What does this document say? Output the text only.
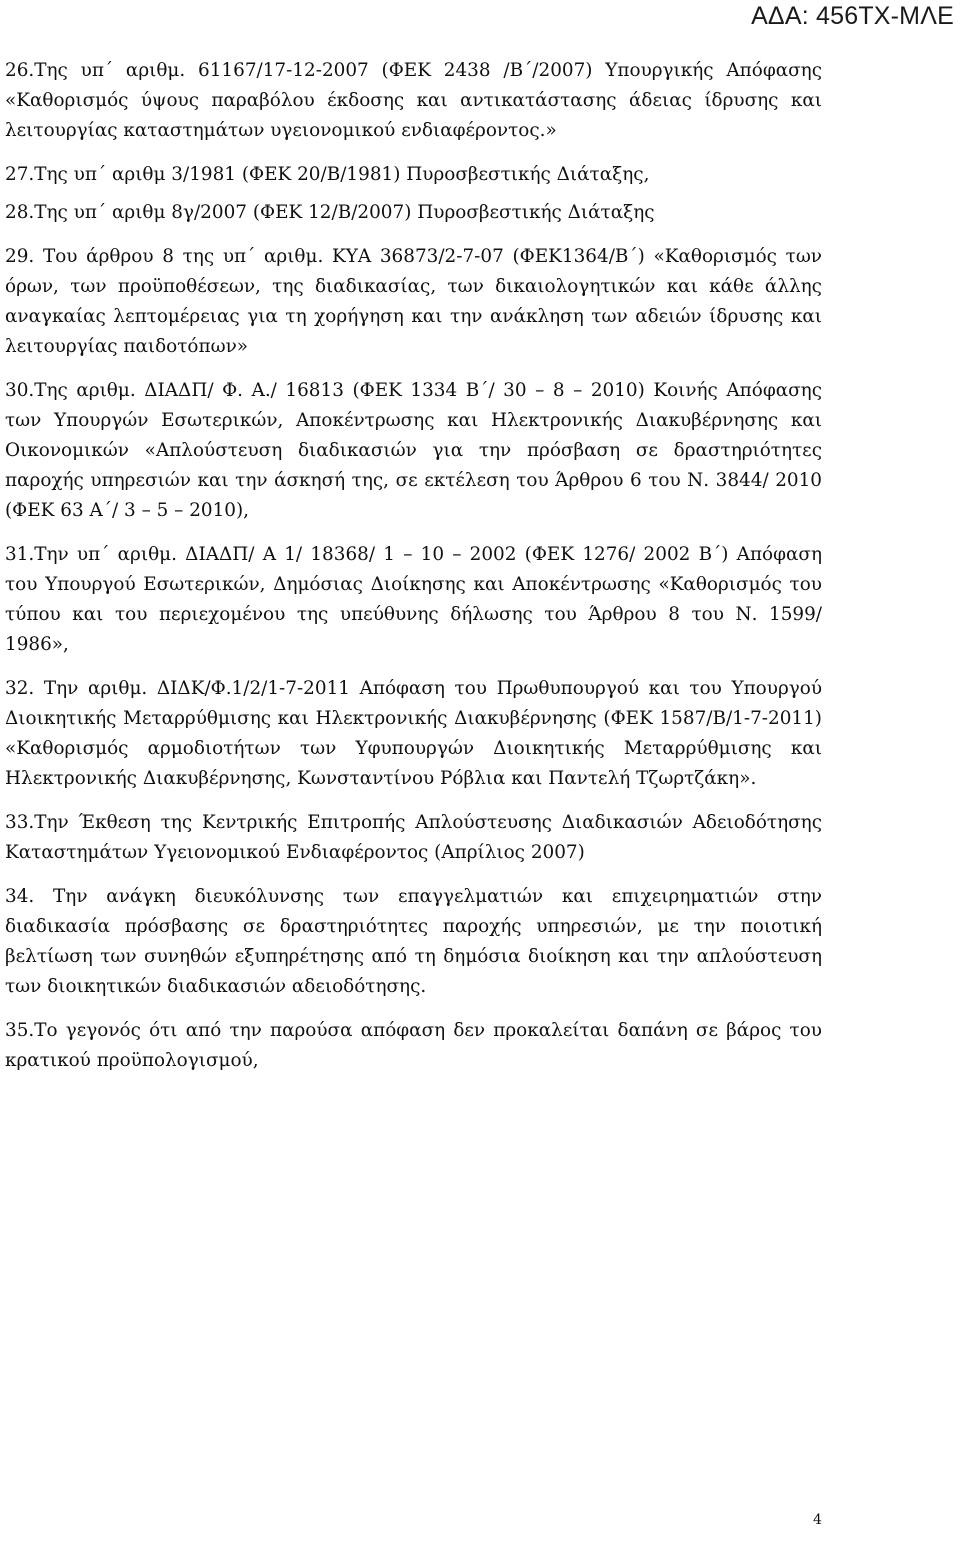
ΑΔΑ: 456ΤΧ-ΜΛΕ

26.Της υπ΄ αριθμ. 61167/17-12-2007 (ΦΕΚ 2438 /Β΄/2007) Υπουργικής Απόφασης «Καθορισμός ύψους παραβόλου έκδοσης και αντικατάστασης άδειας ίδρυσης και λειτουργίας καταστημάτων υγειονομικού ενδιαφέροντος.»

27.Της υπ΄ αριθμ 3/1981 (ΦΕΚ 20/Β/1981) Πυροσβεστικής Διάταξης,

28.Της υπ΄ αριθμ 8γ/2007 (ΦΕΚ 12/Β/2007) Πυροσβεστικής Διάταξης

29. Του άρθρου 8 της υπ΄ αριθμ. ΚΥΑ 36873/2-7-07 (ΦΕΚ1364/Β΄) «Καθορισμός των όρων, των προϋποθέσεων, της διαδικασίας, των δικαιολογητικών και κάθε άλλης αναγκαίας λεπτομέρειας για τη χορήγηση και την ανάκληση των αδειών ίδρυσης και λειτουργίας παιδοτόπων»

30.Της αριθμ. ΔΙΑΔΠ/ Φ. Α./ 16813 (ΦΕΚ 1334 Β΄/ 30 – 8 – 2010) Κοινής Απόφασης των Υπουργών Εσωτερικών, Αποκέντρωσης και Ηλεκτρονικής Διακυβέρνησης και Οικονομικών «Απλούστευση διαδικασιών για την πρόσβαση σε δραστηριότητες παροχής υπηρεσιών και την άσκησή της, σε εκτέλεση του Άρθρου 6 του Ν. 3844/ 2010 (ΦΕΚ 63 Α΄/ 3 – 5 – 2010),

31.Την υπ΄ αριθμ. ΔΙΑΔΠ/ Α 1/ 18368/ 1 – 10 – 2002 (ΦΕΚ 1276/ 2002 Β΄) Απόφαση του Υπουργού Εσωτερικών, Δημόσιας Διοίκησης και Αποκέντρωσης «Καθορισμός του τύπου και του περιεχομένου της υπεύθυνης δήλωσης του Άρθρου 8 του Ν. 1599/ 1986»,

32. Την αριθμ. ΔΙΔΚ/Φ.1/2/1-7-2011 Απόφαση του Πρωθυπουργού και του Υπουργού Διοικητικής Μεταρρύθμισης και Ηλεκτρονικής Διακυβέρνησης (ΦΕΚ 1587/Β/1-7-2011) «Καθορισμός αρμοδιοτήτων των Υφυπουργών Διοικητικής Μεταρρύθμισης και Ηλεκτρονικής Διακυβέρνησης, Κωνσταντίνου Ρόβλια και Παντελή Τζωρτζάκη».

33.Την Έκθεση της Κεντρικής Επιτροπής Απλούστευσης Διαδικασιών Αδειοδότησης Καταστημάτων Υγειονομικού Ενδιαφέροντος (Απρίλιος 2007)

34. Την ανάγκη διευκόλυνσης των επαγγελματιών και επιχειρηματιών στην διαδικασία πρόσβασης σε δραστηριότητες παροχής υπηρεσιών, με την ποιοτική βελτίωση των συνηθών εξυπηρέτησης από τη δημόσια διοίκηση και την απλούστευση των διοικητικών διαδικασιών αδειοδότησης.

35.Το γεγονός ότι από την παρούσα απόφαση δεν προκαλείται δαπάνη σε βάρος του κρατικού προϋπολογισμού,

4
